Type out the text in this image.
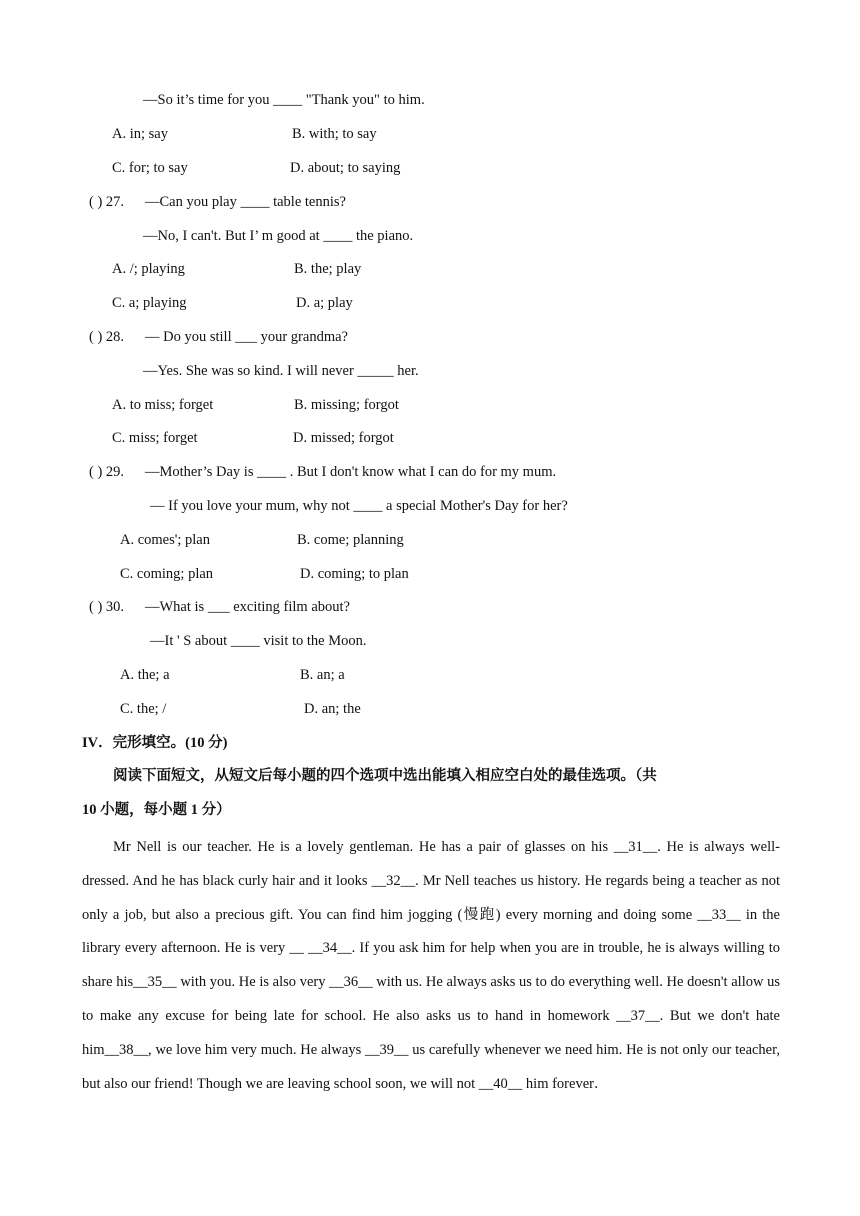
—So it’s time for you ____ "Thank you" to him.
A. in; say	B. with; to say
C. for; to say	D. about; to saying
( ) 27. —Can you play ____ table tennis?
—No, I can't. But I’ m good at ____ the piano.
A. /; playing	B. the; play
C. a; playing	D. a; play
( ) 28. — Do you still ___ your grandma?
—Yes. She was so kind. I will never _____ her.
A. to miss; forget	B. missing; forgot
C. miss; forget	D. missed; forgot
( ) 29. —Mother’s Day is ____ . But I don't know what I can do for my mum.
— If you love your mum, why not ____ a special Mother's Day for her?
A. comes'; plan	B. come; planning
C. coming; plan	D. coming; to plan
( ) 30. —What is ___ exciting film about?
—It ' S about ____ visit to the Moon.
A. the; a	B. an; a
C. the; /	D. an; the
IV．完形填空。(10 分)
阅读下面短文，从短文后每小题的四个选项中选出能填入相应空白处的最佳选项。（共
10 小题，每小题 1 分）
Mr Nell is our teacher. He is a lovely gentleman. He has a pair of glasses on his __31__. He is always well-dressed. And he has black curly hair and it looks __32__. Mr Nell teaches us history. He regards being a teacher as not only a job, but also a precious gift. You can find him jogging (慢跑) every morning and doing some __33__ in the library every afternoon. He is very __ __34__. If you ask him for help when you are in trouble, he is always willing to share his__35__ with you. He is also very __36__ with us. He always asks us to do everything well. He doesn't allow us to make any excuse for being late for school. He also asks us to hand in homework __37__. But we don't hate him__38__, we love him very much. He always __39__ us carefully whenever we need him. He is not only our teacher, but also our friend! Though we are leaving school soon, we will not __40__ him forever．
